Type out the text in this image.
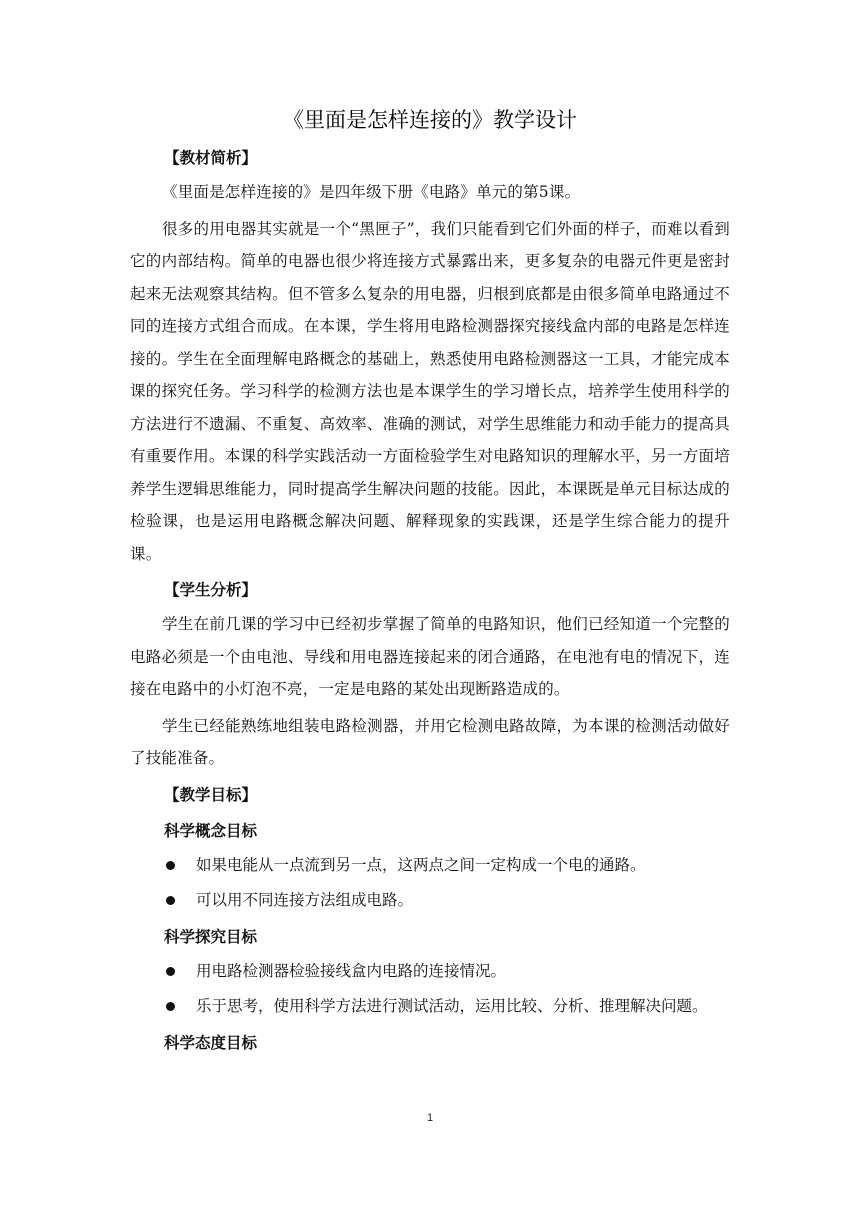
《里面是怎样连接的》教学设计
【教材简析】

《里面是怎样连接的》是四年级下册《电路》单元的第5课。

很多的用电器其实就是一个“黑匣子”，我们只能看到它们外面的样子，而难以看到它的内部结构。简单的电器也很少将连接方式暴露出来，更多复杂的电器元件更是密封起来无法观察其结构。但不管多么复杂的用电器，归根到底都是由很多简单电路通过不同的连接方式组合而成。在本课，学生将用电路检测器探究接线盒内部的电路是怎样连接的。学生在全面理解电路概念的基础上，熟悉使用电路检测器这一工具，才能完成本课的探究任务。学习科学的检测方法也是本课学生的学习增长点，培养学生使用科学的方法进行不遗漏、不重复、高效率、准确的测试，对学生思维能力和动手能力的提高具有重要作用。本课的科学实践活动一方面检验学生对电路知识的理解水平，另一方面培养学生逻辑思维能力，同时提高学生解决问题的技能。因此，本课既是单元目标达成的检验课，也是运用电路概念解决问题、解释现象的实践课，还是学生综合能力的提升课。

【学生分析】

学生在前几课的学习中已经初步掌握了简单的电路知识，他们已经知道一个完整的电路必须是一个由电池、导线和用电器连接起来的闭合通路，在电池有电的情况下，连接在电路中的小灯泡不亮，一定是电路的某处出现断路造成的。

学生已经能熟练地组装电路检测器，并用它检测电路故障，为本课的检测活动做好了技能准备。

【教学目标】
科学概念目标
如果电能从一点流到另一点，这两点之间一定构成一个电的通路。
可以用不同连接方法组成电路。
科学探究目标
用电路检测器检验接线盒内电路的连接情况。
乐于思考，使用科学方法进行测试活动，运用比较、分析、推理解决问题。
科学态度目标
1
